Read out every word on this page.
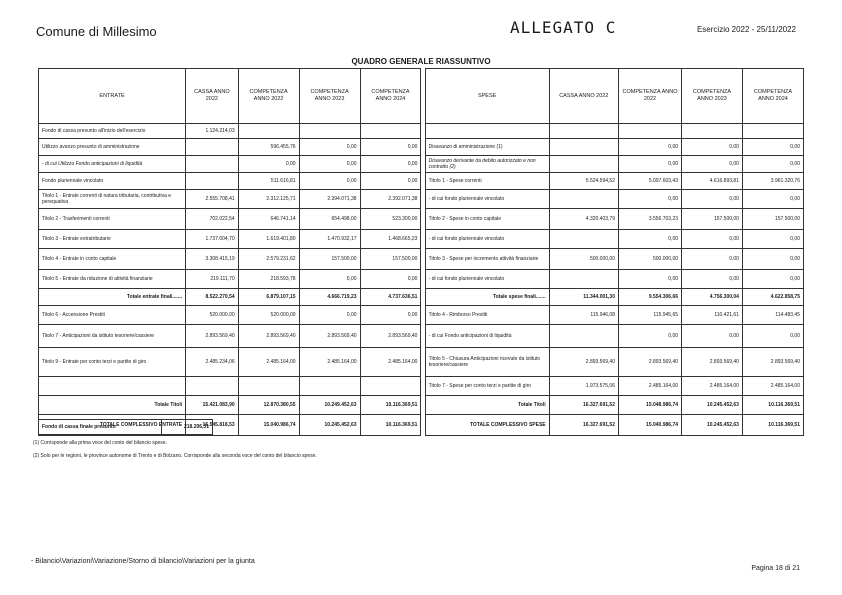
Comune di Millesimo	ALLEGATO C	Esercizio 2022 - 25/11/2022
QUADRO GENERALE RIASSUNTIVO
ENTRATE	CASSA ANNO 2022	COMPETENZA ANNO 2022	COMPETENZA ANNO 2023	COMPETENZA ANNO 2024		SPESE	CASSA ANNO 2022	COMPETENZA ANNO 2022	COMPETENZA ANNO 2023	COMPETENZA ANNO 2024
Fondo di cassa presunto all'inizio dell'esercizio	1.124.214,03									
Utilizzo avanzo presunto di amministrazione		596.455,76	0,00	0,00		Disavanzo di amministrazione (1)		0,00	0,00	0,00
- di cui Utilizzo Fondo anticipazioni di liquidità		0,00	0,00	0,00		Disavanzo derivante da debito autorizzato e non contratto (2)		0,00	0,00	0,00
Fondo pluriennale vincolato		511.616,81	0,00	0,00		Titolo 1 - Spese correnti	5.524.594,52	5.097.603,43	4.616.893,81	3.961.320,76
Titolo 1 - Entrate correnti di natura tributaria, contributiva e perequativa	2.555.708,41	2.312.125,71	2.394.071,38	2.392.071,38		- di cui fondo pluriennale vincolato		0,00	0,00	0,00
Titolo 2 - Trasferimenti correnti	702.022,54	646.741,14	654.498,00	523.300,00		Titolo 2 - Spese in conto capitale	4.320.403,79	3.556.703,23	157.500,00	157.500,00
Titolo 3 - Entrate extratributarie	1.737.004,70	1.619.401,80	1.470.932,17	1.468.665,23		- di cui fondo pluriennale vincolato		0,00	0,00	0,00
Titolo 4 - Entrate in conto capitale	3.308.415,19	2.579.231,62	157.500,00	157.500,00		Titolo 3 - Spese per incremento attività finanziarie	500.000,00	500.000,00	0,00	0,00
Titolo 5 - Entrate da riduzione di attività finanziarie	219.111,70	218.593,78	0,00	0,00		- di cui fondo pluriennale vincolato		0,00	0,00	0,00
Totale entrate finali.......	8.522.270,54	6.879.107,15	4.666.719,23	4.737.636,51		Totale spese finali.......	11.344.001,30	9.554.306,66	4.756.300,04	4.622.858,75
Titolo 6 - Accensione Prestiti	520.000,00	520.000,00	0,00	0,00		Titolo 4 - Rimborso Prestiti	115.946,08	115.945,65	110.421,61	114.483,45
Titolo 7 - Anticipazioni da istituto tesoriere/cassiere	2.893.569,40	2.893.569,40	2.893.569,40	2.893.569,40		- di cui Fondo anticipazioni di liquidità		0,00	0,00	0,00
Titolo 9 - Entrate per conto terzi e partite di giro	2.485.234,06	2.485.164,00	2.485.164,00	2.485.164,00		Titolo 5 - Chiusura Anticipazioni ricevute da istituto tesoriere/cassiere	2.893.569,40	2.893.569,40	2.893.569,40	2.893.569,40
						Titolo 7 - Spese per conto terzi e partite di giro	1.973.575,06	2.485.164,00	2.485.164,00	2.485.164,00
Totale Titoli	15.421.083,90	12.870.380,55	10.249.452,63	10.116.369,51		Totale Titoli	16.327.691,52	15.048.986,74	10.245.452,63	10.116.369,51
TOTALE COMPLESSIVO ENTRATE	16.545.818,53	15.040.986,74	10.245.452,63	10.116.369,51		TOTALE COMPLESSIVO SPESE	16.327.691,52	15.040.986,74	10.245.452,63	10.116.369,51
Fondo di cassa finale presunto	218.206,31
(1) Corrisponde alla prima voce del conto del bilancio spese.
(2) Solo per le regioni, le province autonome di Trento e di Bolzano. Corrisponde alla seconda voce del conto del bilancio spese.
- Bilancio\Variazioni\Variazione/Storno di bilancio\Variazioni per la giunta
Pagina 18 di 21
